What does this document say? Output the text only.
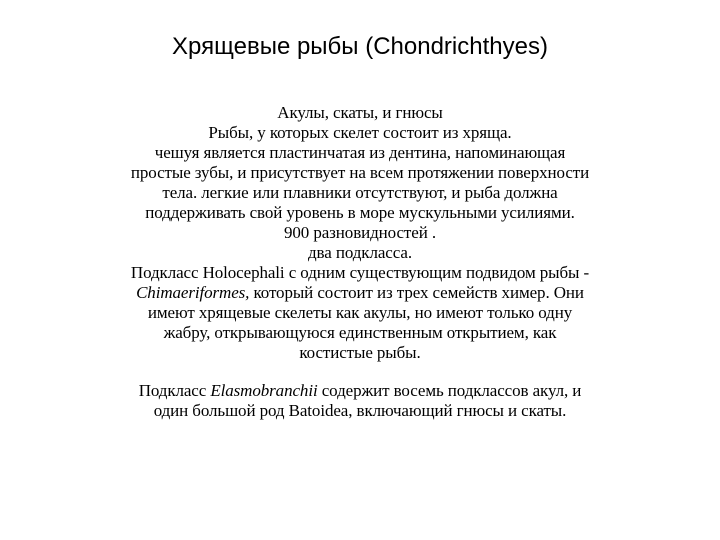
Хрящевые рыбы (Chondrichthyes)
Акулы, скаты, и гнюсы
Рыбы, у которых скелет состоит из хряща.
чешуя является пластинчатая из дентина, напоминающая
простые зубы, и присутствует на всем протяжении поверхности
тела. легкие или плавники отсутствуют, и рыба должна
поддерживать свой уровень в море мускульными усилиями.
900 разновидностей .
два подкласса.
Подкласс Holocephali с одним существующим подвидом рыбы -
Chimaeriformes, который состоит из трех семейств химер. Они
имеют хрящевые скелеты как акулы, но имеют только одну
жабру, открывающуюся единственным открытием, как
костистые рыбы.
Подкласс Elasmobranchii содержит восемь подклассов акул, и
один большой род Batoidea, включающий гнюсы и скаты.
